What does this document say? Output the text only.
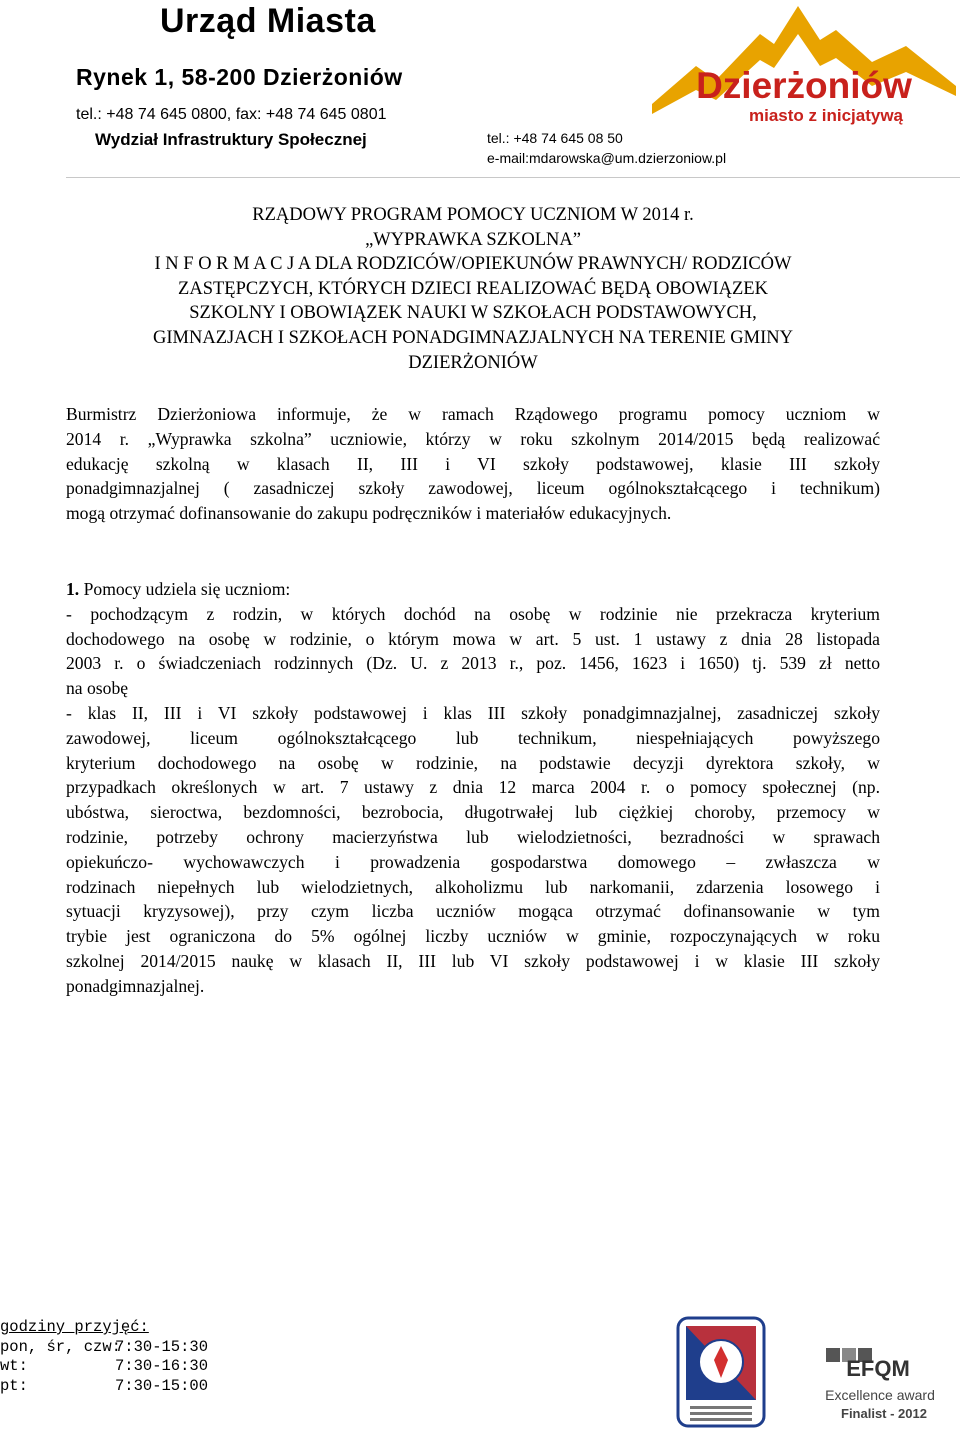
Urząd Miasta
Rynek 1, 58-200 Dzierżoniów
tel.: +48 74 645 0800, fax: +48 74 645 0801
Wydział Infrastruktury Społecznej	tel.: +48 74 645 08 50
e-mail:mdarowska@um.dzierzoniow.pl
Dzierżoniów
miasto z inicjatywą
RZĄDOWY PROGRAM POMOCY UCZNIOM W 2014 r.
„WYPRAWKA SZKOLNA”
I N F O R M A C J A DLA RODZICÓW/OPIEKUNÓW PRAWNYCH/ RODZICÓW
ZASTĘPCZYCH, KTÓRYCH DZIECI REALIZOWAĆ BĘDĄ OBOWIĄZEK
SZKOLNY I OBOWIĄZEK NAUKI W SZKOŁACH PODSTAWOWYCH,
GIMNAZJACH I SZKOŁACH PONADGIMNAZJALNYCH NA TERENIE GMINY
DZIERŻONIÓW
Burmistrz Dzierżoniowa informuje, że w ramach Rządowego programu pomocy uczniom w
2014 r. „Wyprawka szkolna” uczniowie, którzy w roku szkolnym 2014/2015 będą realizować
edukację szkolną w klasach II, III i VI szkoły podstawowej, klasie III szkoły
ponadgimnazjalnej ( zasadniczej szkoły zawodowej, liceum ogólnokształcącego i technikum)
mogą otrzymać dofinansowanie do zakupu podręczników i materiałów edukacyjnych.
1. Pomocy udziela się uczniom:
- pochodzącym z rodzin, w których dochód na osobę w rodzinie nie przekracza kryterium
dochodowego na osobę w rodzinie, o którym mowa w art. 5 ust. 1 ustawy z dnia 28 listopada
2003 r. o świadczeniach rodzinnych (Dz. U. z 2013 r., poz. 1456, 1623 i 1650) tj. 539 zł netto
na osobę
- klas II, III i VI szkoły podstawowej i klas III szkoły ponadgimnazjalnej, zasadniczej szkoły
zawodowej, liceum ogólnokształcącego lub technikum, niespełniających powyższego
kryterium dochodowego na osobę w rodzinie, na podstawie decyzji dyrektora szkoły, w
przypadkach określonych w art. 7 ustawy z dnia 12 marca 2004 r. o pomocy społecznej (np.
ubóstwa, sieroctwa, bezdomności, bezrobocia, długotrwałej lub ciężkiej choroby, przemocy w
rodzinie, potrzeby ochrony macierzyństwa lub wielodzietności, bezradności w sprawach
opiekuńczo- wychowawczych i prowadzenia gospodarstwa domowego – zwłaszcza w
rodzinach niepełnych lub wielodzietnych, alkoholizmu lub narkomanii, zdarzenia losowego i
sytuacji kryzysowej), przy czym liczba uczniów mogąca otrzymać dofinansowanie w tym
trybie jest ograniczona do 5% ogólnej liczby uczniów w gminie, rozpoczynających w roku
szkolnej 2014/2015 naukę w klasach II, III lub VI szkoły podstawowej i w klasie III szkoły
ponadgimnazjalnej.
godziny przyjęć:
pon, śr, czw:7:30-15:30
wt:	7:30-16:30
pt:	7:30-15:00
EFQM
Excellence award
Finalist - 2012
